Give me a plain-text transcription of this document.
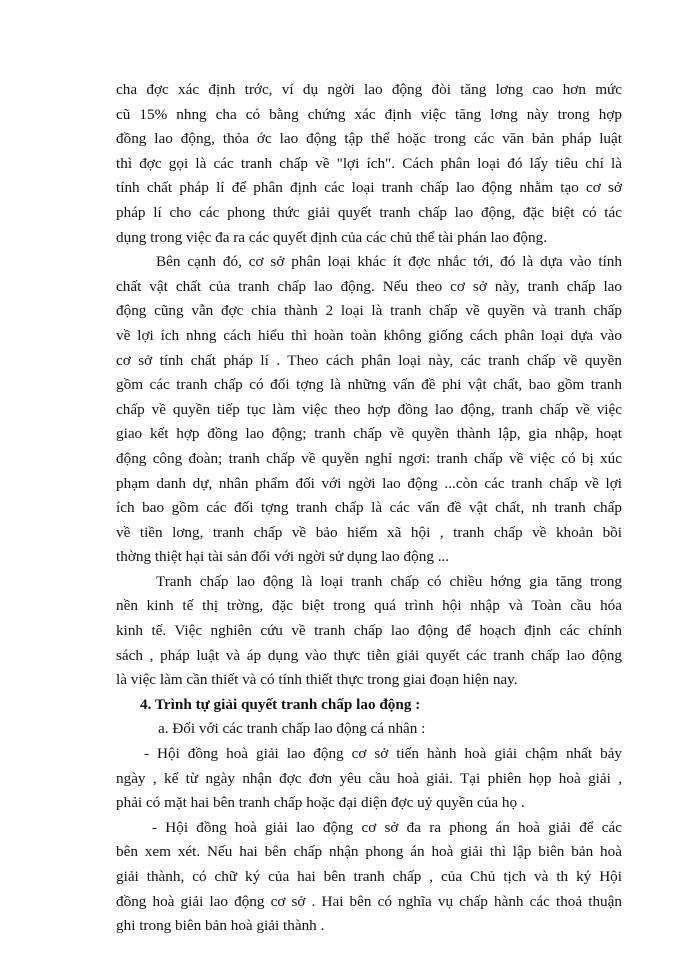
cha đợc xác định trớc, ví dụ ngời lao động đòi tăng lơng cao hơn mức
cũ 15% nhng cha có bằng chứng xác định việc tăng lơng này trong hợp
đồng lao động, thỏa ớc lao động tập thể hoặc trong các văn bản pháp luật
thì đợc gọi là các tranh chấp về "lợi ích". Cách phân loại đó lấy tiêu chí là
tính chất pháp lí để phân định các loại tranh chấp lao động nhằm tạo cơ sở
pháp lí cho các phong thức giải quyết tranh chấp lao động, đặc biệt có tác
dụng trong việc đa ra các quyết định của các chủ thể tài phán lao động.
Bên cạnh đó, cơ sở phân loại khác ít đợc nhắc tới, đó là dựa vào tính
chất vật chất của tranh chấp lao động. Nếu theo cơ sở này, tranh chấp lao
động cũng vẫn đợc chia thành 2 loại là tranh chấp về quyền và tranh chấp
về lợi ích nhng cách hiểu thì hoàn toàn không giống cách phân loại dựa vào
cơ sở tính chất pháp lí . Theo cách phân loại này, các tranh chấp về quyền
gồm các tranh chấp có đối tợng là những vấn đề phi vật chất, bao gồm tranh
chấp về quyền tiếp tục làm việc theo hợp đồng lao động, tranh chấp về việc
giao kết hợp đồng lao động; tranh chấp về quyền thành lập, gia nhập, hoạt
động công đoàn; tranh chấp về quyền nghỉ ngơi: tranh chấp về việc có bị xúc
phạm danh dự, nhân phẩm đối với ngời lao động ...còn các tranh chấp về lợi
ích bao gồm các đối tợng tranh chấp là các vấn đề vật chất, nh tranh chấp
về tiền lơng, tranh chấp về bảo hiểm xã hội , tranh chấp về khoản bồi
thờng thiệt hại tài sản đối với ngời sử dụng lao động ...
Tranh chấp lao động là loại tranh chấp có chiều hớng gia tăng trong
nền kinh tế thị trờng, đặc biệt trong quá trình hội nhập và Toàn cầu hóa
kinh tế. Việc nghiên cứu về tranh chấp lao động để hoạch định các chính
sách , pháp luật và áp dụng vào thực tiễn giải quyết các tranh chấp lao động
là việc làm cần thiết và có tính thiết thực trong giai đoạn hiện nay.
4. Trình tự giải quyết tranh chấp lao động :
a. Đối với các tranh chấp lao động cá nhân :
- Hội đồng hoà giải lao động cơ sở tiến hành hoà giải chậm nhất bảy
ngày , kể từ ngày nhận đợc đơn yêu cầu hoà giải. Tại phiên họp hoà giải ,
phải có mặt hai bên tranh chấp hoặc đại diện đợc uỷ quyền của họ .
- Hội đồng hoà giải lao động cơ sở đa ra phong án hoà giải để các
bên xem xét. Nếu hai bên chấp nhận phong án hoà giải thì lập biên bản hoà
giải thành, có chữ ký của hai bên tranh chấp , của Chủ tịch và th ký Hội
đồng hoà giải lao động cơ sở . Hai bên có nghĩa vụ chấp hành các thoả thuận
ghi trong biên bản hoà giải thành .
